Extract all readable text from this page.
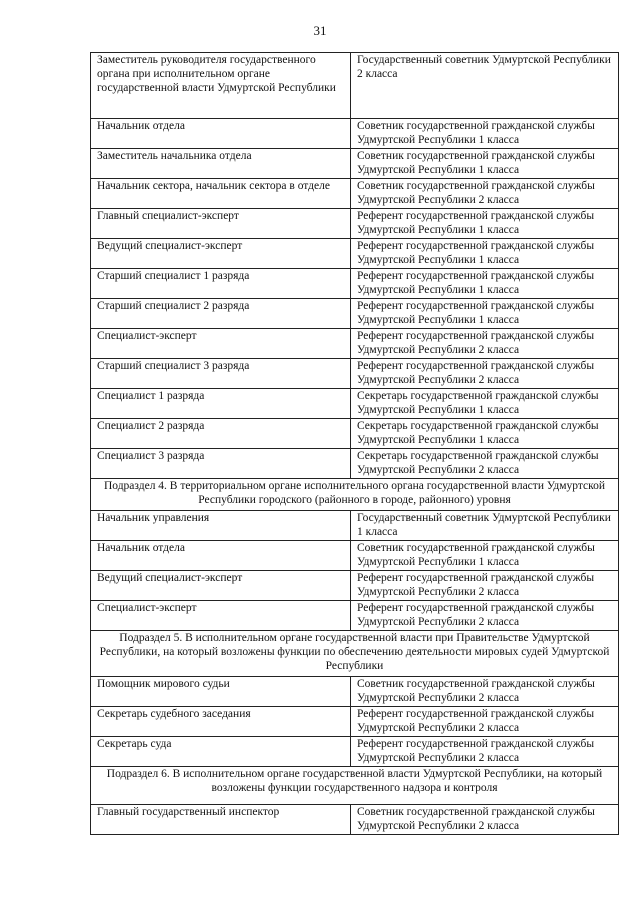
31
Заместитель руководителя государственного органа при исполнительном органе государственной власти Удмуртской Республики	Государственный советник Удмуртской Республики 2 класса
Начальник отдела	Советник государственной гражданской службы Удмуртской Республики 1 класса
Заместитель начальника отдела	Советник государственной гражданской службы Удмуртской Республики 1 класса
Начальник сектора, начальник сектора в отделе	Советник государственной гражданской службы Удмуртской Республики 2 класса
Главный специалист-эксперт	Референт государственной гражданской службы Удмуртской Республики 1 класса
Ведущий специалист-эксперт	Референт государственной гражданской службы Удмуртской Республики 1 класса
Старший специалист 1 разряда	Референт государственной гражданской службы Удмуртской Республики 1 класса
Старший специалист 2 разряда	Референт государственной гражданской службы Удмуртской Республики 1 класса
Специалист-эксперт	Референт государственной гражданской службы Удмуртской Республики 2 класса
Старший специалист 3 разряда	Референт государственной гражданской службы Удмуртской Республики 2 класса
Специалист 1 разряда	Секретарь государственной гражданской службы Удмуртской Республики 1 класса
Специалист 2 разряда	Секретарь государственной гражданской службы Удмуртской Республики 1 класса
Специалист 3 разряда	Секретарь государственной гражданской службы Удмуртской Республики 2 класса
Подраздел 4. В территориальном органе исполнительного органа государственной власти Удмуртской Республики городского (районного в городе, районного) уровня	
Начальник управления	Государственный советник Удмуртской Республики 1 класса
Начальник отдела	Советник государственной гражданской службы Удмуртской Республики 1 класса
Ведущий специалист-эксперт	Референт государственной гражданской службы Удмуртской Республики 2 класса
Специалист-эксперт	Референт государственной гражданской службы Удмуртской Республики 2 класса
Подраздел 5. В исполнительном органе государственной власти при Правительстве Удмуртской Республики, на который возложены функции по обеспечению деятельности мировых судей Удмуртской Республики	
Помощник мирового судьи	Советник государственной гражданской службы Удмуртской Республики 2 класса
Секретарь судебного заседания	Референт государственной гражданской службы Удмуртской Республики 2 класса
Секретарь суда	Референт государственной гражданской службы Удмуртской Республики 2 класса
Подраздел 6. В исполнительном органе государственной власти Удмуртской Республики, на который возложены функции государственного надзора и контроля	
Главный государственный инспектор	Советник государственной гражданской службы Удмуртской Республики 2 класса
